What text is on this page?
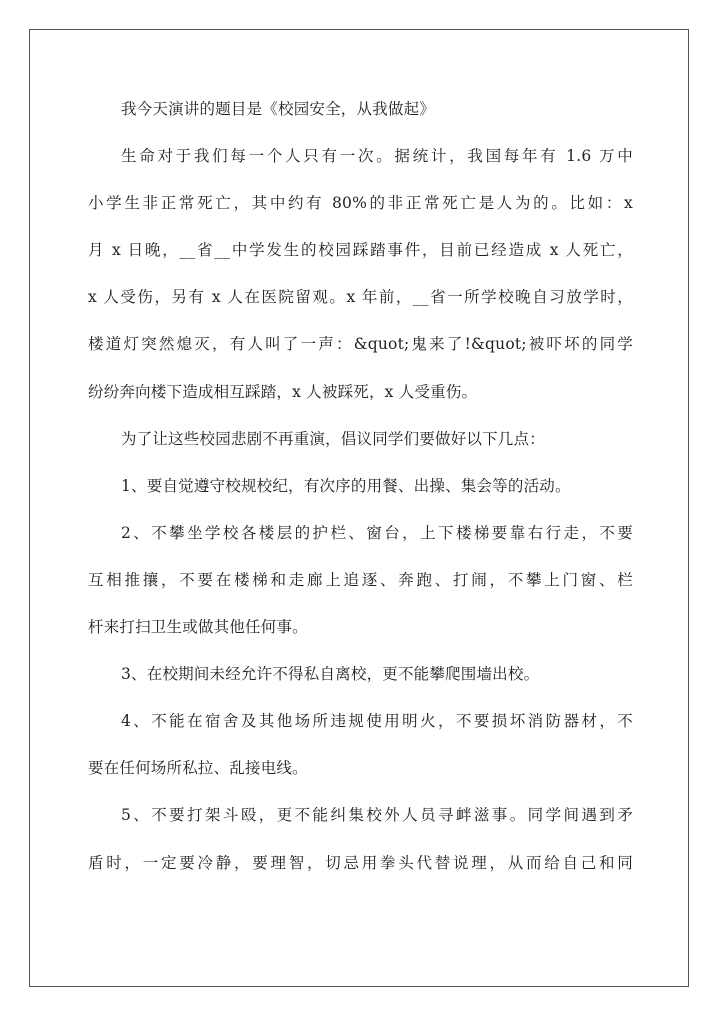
我今天演讲的题目是《校园安全，从我做起》
生命对于我们每一个人只有一次。据统计，我国每年有 1.6 万中
小学生非正常死亡，其中约有 80%的非正常死亡是人为的。比如：x
月 x 日晚，__省__中学发生的校园踩踏事件，目前已经造成 x 人死亡，
x 人受伤，另有 x 人在医院留观。x 年前，__省一所学校晚自习放学时，
楼道灯突然熄灭，有人叫了一声：&quot;鬼来了!&quot;被吓坏的同学
纷纷奔向楼下造成相互踩踏，x 人被踩死，x 人受重伤。
为了让这些校园悲剧不再重演，倡议同学们要做好以下几点：
1、要自觉遵守校规校纪，有次序的用餐、出操、集会等的活动。
2、不攀坐学校各楼层的护栏、窗台，上下楼梯要靠右行走，不要
互相推攘，不要在楼梯和走廊上追逐、奔跑、打闹，不攀上门窗、栏
杆来打扫卫生或做其他任何事。
3、在校期间未经允许不得私自离校，更不能攀爬围墙出校。
4、不能在宿舍及其他场所违规使用明火，不要损坏消防器材，不
要在任何场所私拉、乱接电线。
5、不要打架斗殴，更不能纠集校外人员寻衅滋事。同学间遇到矛
盾时，一定要冷静，要理智，切忌用拳头代替说理，从而给自己和同
